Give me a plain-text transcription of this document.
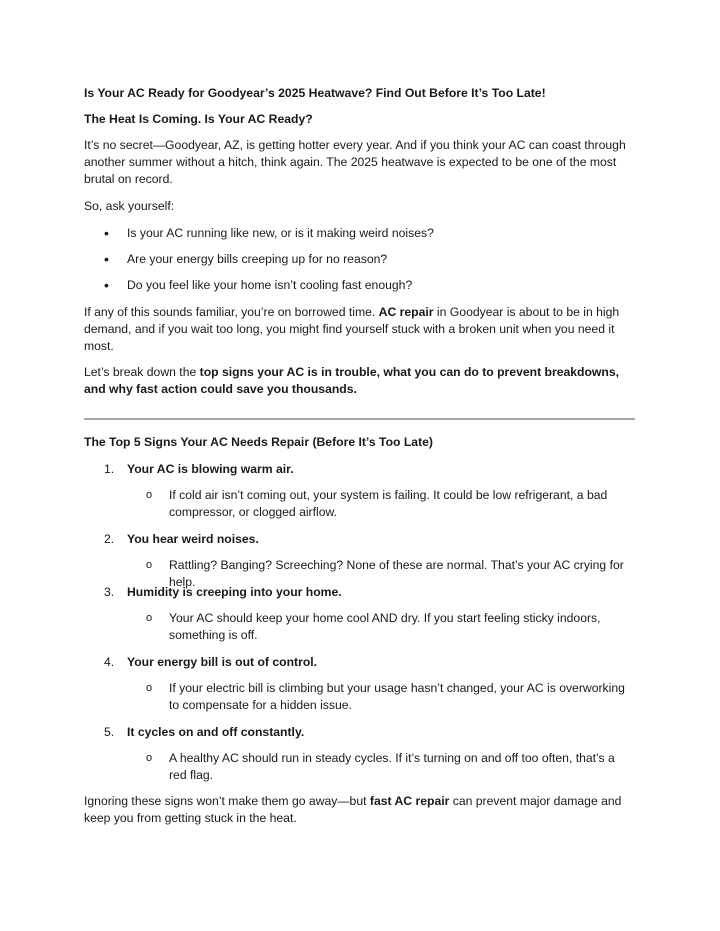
Is Your AC Ready for Goodyear’s 2025 Heatwave? Find Out Before It’s Too Late!

The Heat Is Coming. Is Your AC Ready?

It’s no secret—Goodyear, AZ, is getting hotter every year. And if you think your AC can coast through another summer without a hitch, think again. The 2025 heatwave is expected to be one of the most brutal on record.

So, ask yourself:

• Is your AC running like new, or is it making weird noises?
• Are your energy bills creeping up for no reason?
• Do you feel like your home isn’t cooling fast enough?

If any of this sounds familiar, you’re on borrowed time. AC repair in Goodyear is about to be in high demand, and if you wait too long, you might find yourself stuck with a broken unit when you need it most.

Let’s break down the top signs your AC is in trouble, what you can do to prevent breakdowns, and why fast action could save you thousands.

The Top 5 Signs Your AC Needs Repair (Before It’s Too Late)

1. Your AC is blowing warm air.
o If cold air isn’t coming out, your system is failing. It could be low refrigerant, a bad compressor, or clogged airflow.
2. You hear weird noises.
o Rattling? Banging? Screeching? None of these are normal. That’s your AC crying for help.
3. Humidity is creeping into your home.
o Your AC should keep your home cool AND dry. If you start feeling sticky indoors, something is off.
4. Your energy bill is out of control.
o If your electric bill is climbing but your usage hasn’t changed, your AC is overworking to compensate for a hidden issue.
5. It cycles on and off constantly.
o A healthy AC should run in steady cycles. If it’s turning on and off too often, that’s a red flag.

Ignoring these signs won’t make them go away—but fast AC repair can prevent major damage and keep you from getting stuck in the heat.
